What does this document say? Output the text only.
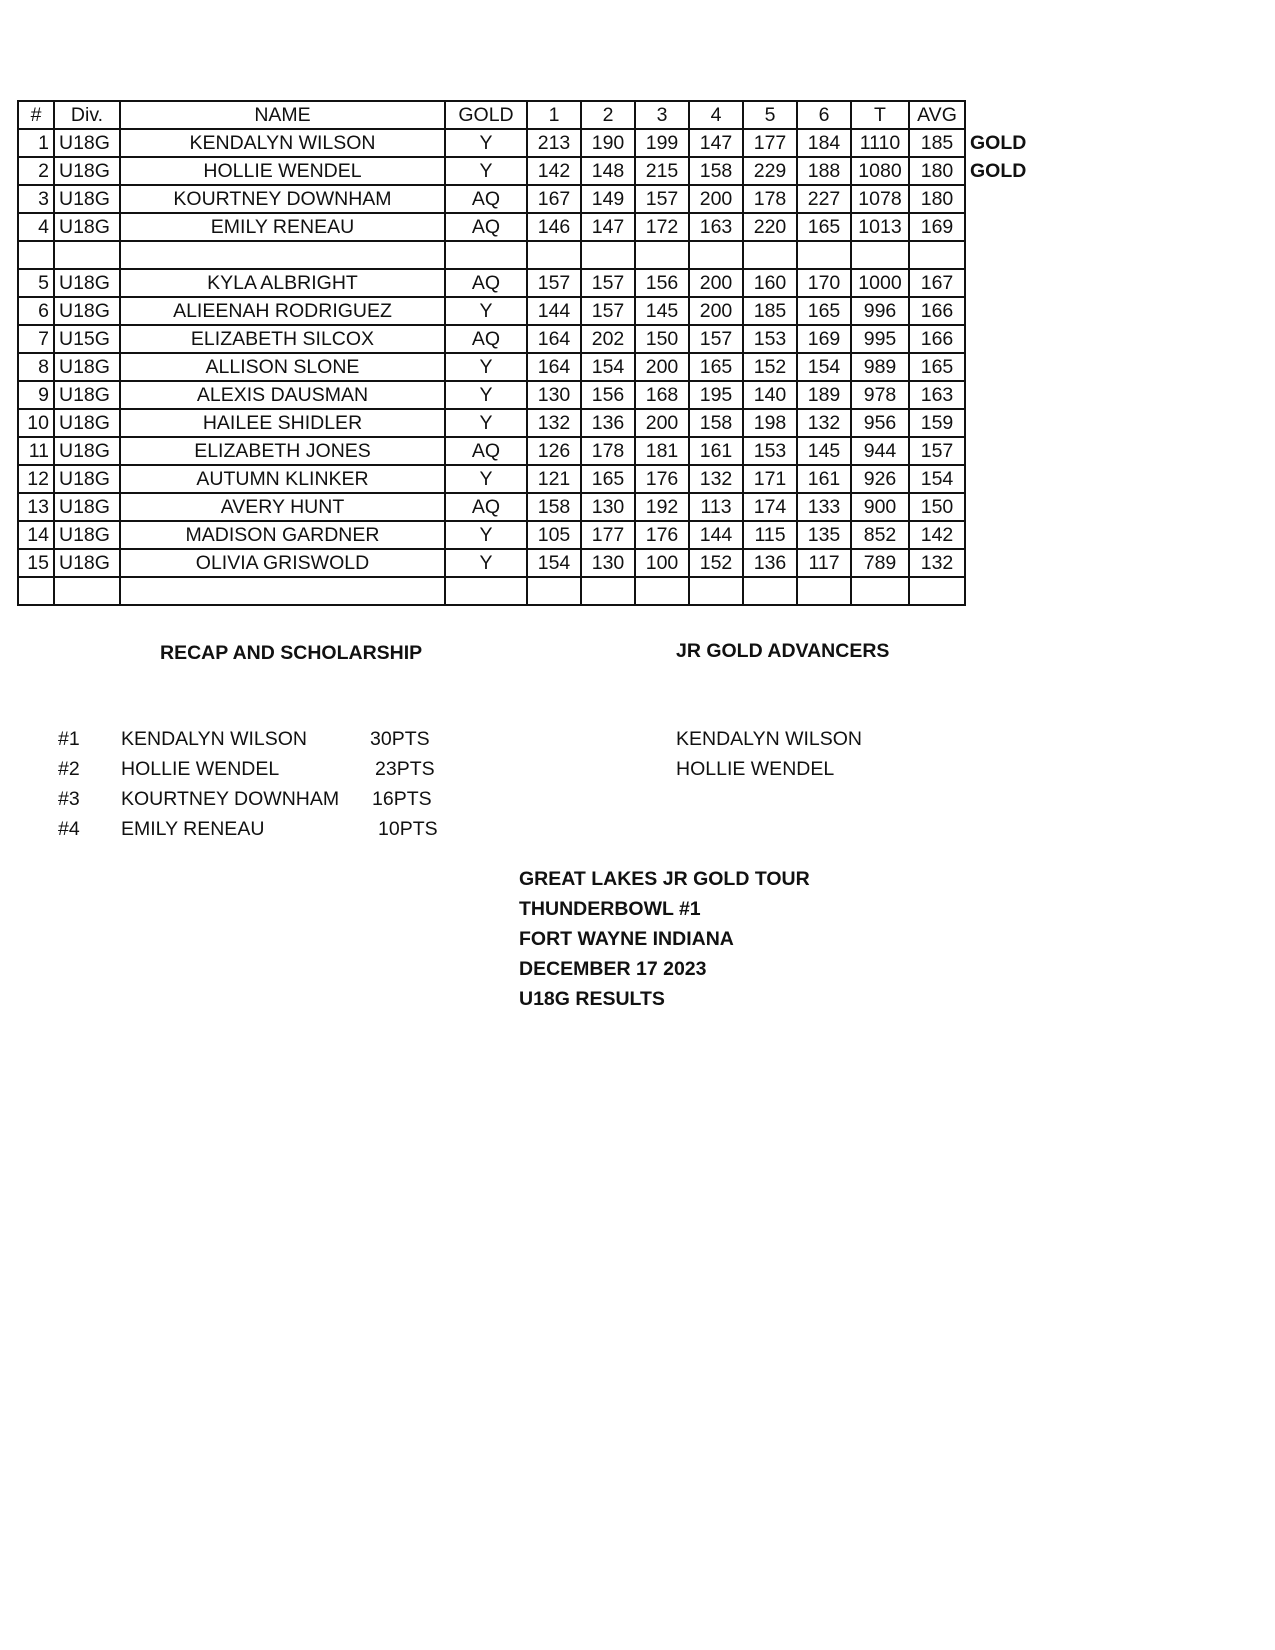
#	Div.	NAME	GOLD	1	2	3	4	5	6	T	AVG	
1	U18G	KENDALYN WILSON	Y	213	190	199	147	177	184	1110	185	GOLD
2	U18G	HOLLIE WENDEL	Y	142	148	215	158	229	188	1080	180	GOLD
3	U18G	KOURTNEY DOWNHAM	AQ	167	149	157	200	178	227	1078	180	
4	U18G	EMILY RENEAU	AQ	146	147	172	163	220	165	1013	169	

5	U18G	KYLA ALBRIGHT	AQ	157	157	156	200	160	170	1000	167	
6	U18G	ALIEENAH RODRIGUEZ	Y	144	157	145	200	185	165	996	166	
7	U15G	ELIZABETH SILCOX	AQ	164	202	150	157	153	169	995	166	
8	U18G	ALLISON SLONE	Y	164	154	200	165	152	154	989	165	
9	U18G	ALEXIS DAUSMAN	Y	130	156	168	195	140	189	978	163	
10	U18G	HAILEE SHIDLER	Y	132	136	200	158	198	132	956	159	
11	U18G	ELIZABETH JONES	AQ	126	178	181	161	153	145	944	157	
12	U18G	AUTUMN KLINKER	Y	121	165	176	132	171	161	926	154	
13	U18G	AVERY HUNT	AQ	158	130	192	113	174	133	900	150	
14	U18G	MADISON GARDNER	Y	105	177	176	144	115	135	852	142	
15	U18G	OLIVIA GRISWOLD	Y	154	130	100	152	136	117	789	132	

RECAP AND SCHOLARSHIP	JR GOLD ADVANCERS
#1 KENDALYN WILSON	30PTS
#2 HOLLIE WENDEL	23PTS
#3 KOURTNEY DOWNHAM 16PTS
#4 EMILY RENEAU	10PTS
KENDALYN WILSON
HOLLIE WENDEL
GREAT LAKES JR GOLD TOUR
THUNDERBOWL #1
FORT WAYNE INDIANA
DECEMBER 17 2023
U18G RESULTS
